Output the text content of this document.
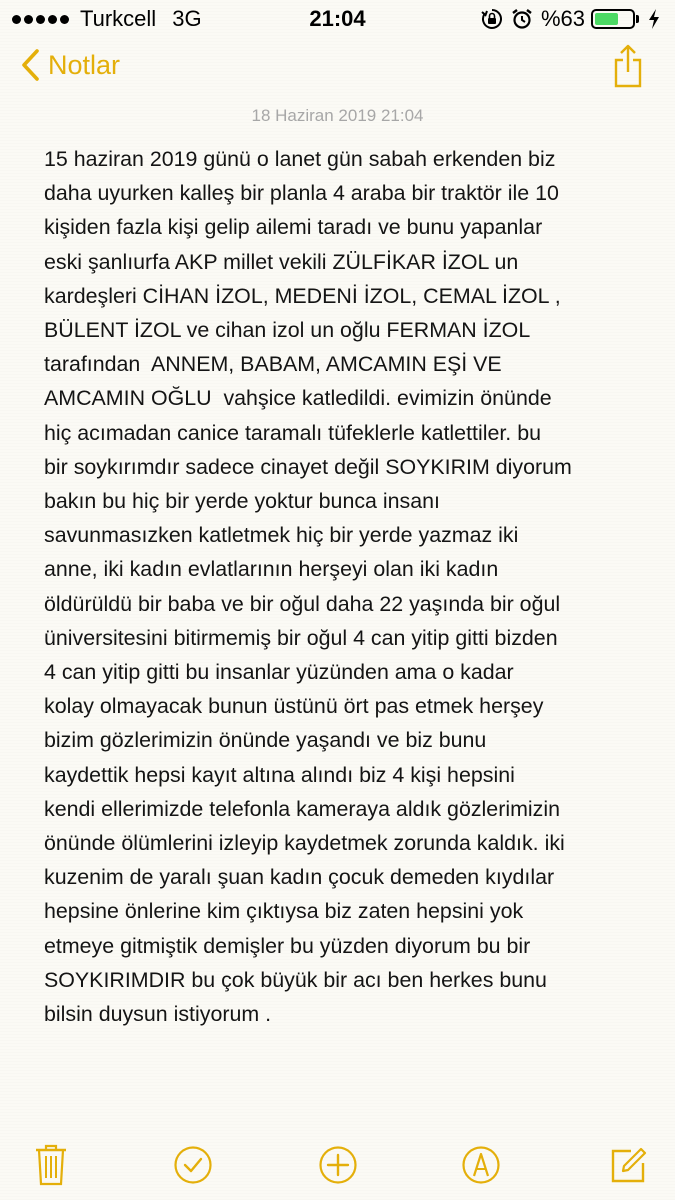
Turkcell 3G	21:04	%63
Notlar
18 Haziran 2019 21:04
15 haziran 2019 günü o lanet gün sabah erkenden biz
daha uyurken kalleş bir planla 4 araba bir traktör ile 10
kişiden fazla kişi gelip ailemi taradı ve bunu yapanlar
eski şanlıurfa AKP millet vekili ZÜLFİKAR İZOL un
kardeşleri CİHAN İZOL, MEDENİ İZOL, CEMAL İZOL ,
BÜLENT İZOL ve cihan izol un oğlu FERMAN İZOL
tarafından  ANNEM, BABAM, AMCAMIN EŞİ VE
AMCAMIN OĞLU  vahşice katledildi. evimizin önünde
hiç acımadan canice taramalı tüfeklerle katlettiler. bu
bir soykırımdır sadece cinayet değil SOYKIRIM diyorum
bakın bu hiç bir yerde yoktur bunca insanı
savunmasızken katletmek hiç bir yerde yazmaz iki
anne, iki kadın evlatlarının herşeyi olan iki kadın
öldürüldü bir baba ve bir oğul daha 22 yaşında bir oğul
üniversitesini bitirmemiş bir oğul 4 can yitip gitti bizden
4 can yitip gitti bu insanlar yüzünden ama o kadar
kolay olmayacak bunun üstünü ört pas etmek herşey
bizim gözlerimizin önünde yaşandı ve biz bunu
kaydettik hepsi kayıt altına alındı biz 4 kişi hepsini
kendi ellerimizde telefonla kameraya aldık gözlerimizin
önünde ölümlerini izleyip kaydetmek zorunda kaldık. iki
kuzenim de yaralı şuan kadın çocuk demeden kıydılar
hepsine önlerine kim çıktıysa biz zaten hepsini yok
etmeye gitmiştik demişler bu yüzden diyorum bu bir
SOYKIRIMDIR bu çok büyük bir acı ben herkes bunu
bilsin duysun istiyorum .
